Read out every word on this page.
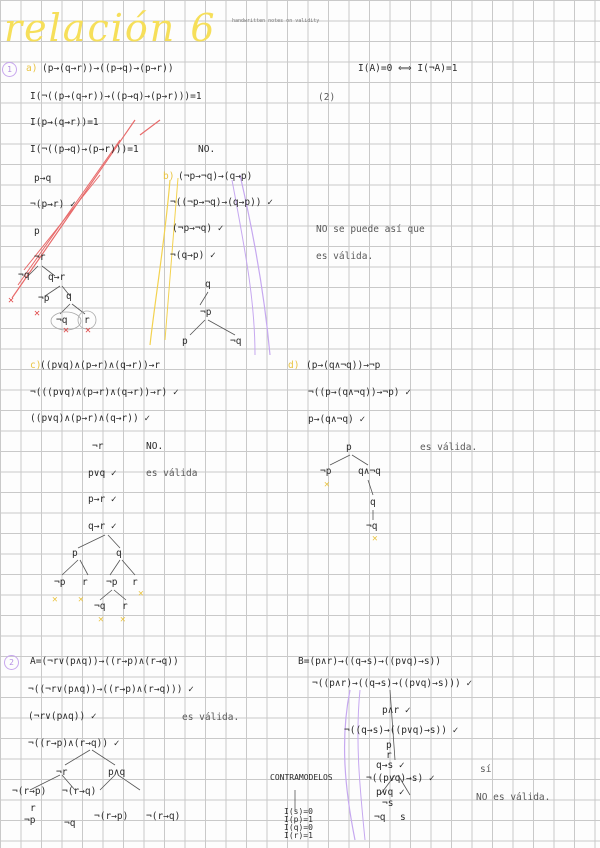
relación 6	handwritten notes on validity
1	a) (p→(q→r))→((p→q)→(p→r))	I(A)=0 ⟺ I(¬A)=1
I(¬((p→(q→r))→((p→q)→(p→r)))=1	(2)
I(p→(q→r))=1
I(¬((p→q)→(p→r)))=1	NO.
p→q
¬(p→r) ✓
p
¬r
¬q q→r
¬p q
¬q r
✕
✕
✕ ✕
b) (¬p→¬q)→(q→p)
¬((¬p→¬q)→(q→p)) ✓
(¬p→¬q) ✓	NO se puede así que
¬(q→p) ✓	es válida.
q
¬p
p	¬q
c)
((p∨q)∧(p→r)∧(q→r))→r
¬(((p∨q)∧(p→r)∧(q→r))→r) ✓
((p∨q)∧(p→r)∧(q→r)) ✓
¬r	NO.
p∨q ✓	es válida
p→r ✓
q→r ✓
p	q
¬p r ¬p r
¬q r
✕ ✕
✕
✕ ✕
d) (p→(q∧¬q))→¬p
¬((p→(q∧¬q))→¬p) ✓
p→(q∧¬q) ✓
p	es válida.
¬p	q∧¬q
q
¬q
✕
✕
2	A=(¬r∨(p∧q))→((r→p)∧(r→q))	B=(p∧r)→((q→s)→((p∨q)→s))
¬((¬r∨(p∧q))→((r→p)∧(r→q))) ✓
(¬r∨(p∧q)) ✓	es válida.
¬((r→p)∧(r→q)) ✓
¬r	p∧q
¬(r→p) ¬(r→q)
r
¬p	¬q
¬(r→p) ¬(r→q)
¬((p∧r)→((q→s)→((p∨q)→s))) ✓
p∧r ✓
¬((q→s)→((p∨q)→s)) ✓
q→s ✓
¬((p∨q)→s) ✓
sí
p∨q ✓	NO es válida.
p
r
¬s
¬q s
CONTRAMODELOS
I(s)=0
I(p)=1
I(q)=0
I(r)=1
